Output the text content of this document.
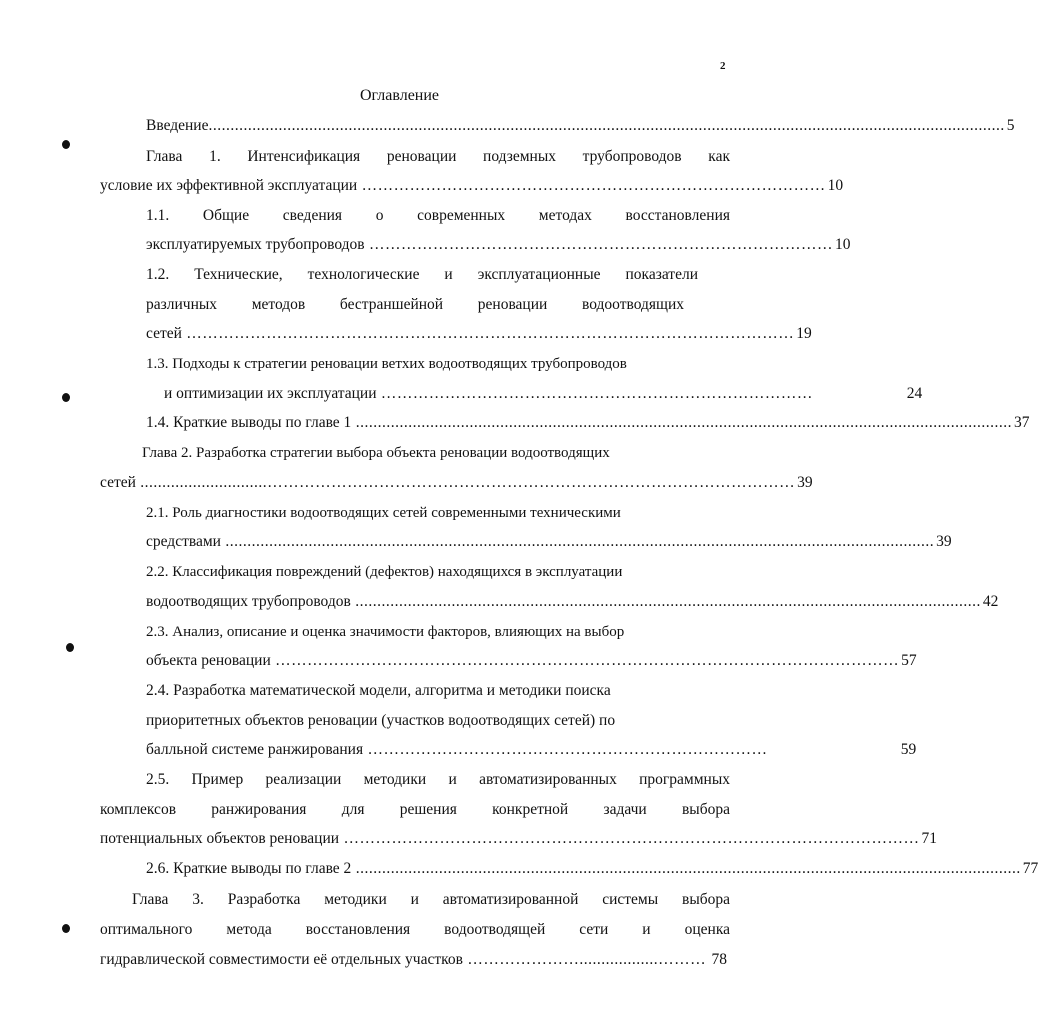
2
Оглавление
Введение ...................................................................................................................................................................................... 5
Глава 1. Интенсификация реновации подземных трубопроводов как
условие их эффективной эксплуатации …………………………………………………………………………… 10
1.1. Общие сведения о современных методах восстановления
эксплуатируемых трубопроводов …………………………………………………………………………… 10
1.2. Технические, технологические и эксплуатационные показатели
различных методов бестраншейной реновации водоотводящих
сетей …………………………………………………………………………………………………… 19
1.3. Подходы к стратегии реновации ветхих водоотводящих трубопроводов
и оптимизации их эксплуатации ……………………………………………………………………… 24
1.4. Краткие выводы по главе 1 ...................................................................................................................................................... 37
Глава 2. Разработка стратегии выбора объекта реновации водоотводящих
сетей .............................……………………………………………………………………………………… 39
2.1. Роль диагностики водоотводящих сетей современными техническими
средствами .................................................................................................................................................................. 39
2.2. Классификация повреждений (дефектов) находящихся в эксплуатации
водоотводящих трубопроводов ............................................................................................................................................... 42
2.3. Анализ, описание и оценка значимости факторов, влияющих на выбор
объекта реновации ……………………………………………………………………………………………………… 57
2.4. Разработка математической модели, алгоритма и методики поиска
приоритетных объектов реновации (участков водоотводящих сетей) по
балльной системе ранжирования ………………………………………………………………… 59
2.5. Пример реализации методики и автоматизированных программных
комплексов ранжирования для решения конкретной задачи выбора
потенциальных объектов реновации ……………………………………………………………………………………………… 71
2.6. Краткие выводы по главе 2 ........................................................................................................................................................ 77
Глава 3. Разработка методики и автоматизированной системы выбора
оптимального метода восстановления водоотводящей сети и оценка
гидравлической совместимости её отдельных участков …………………..................……… 78
